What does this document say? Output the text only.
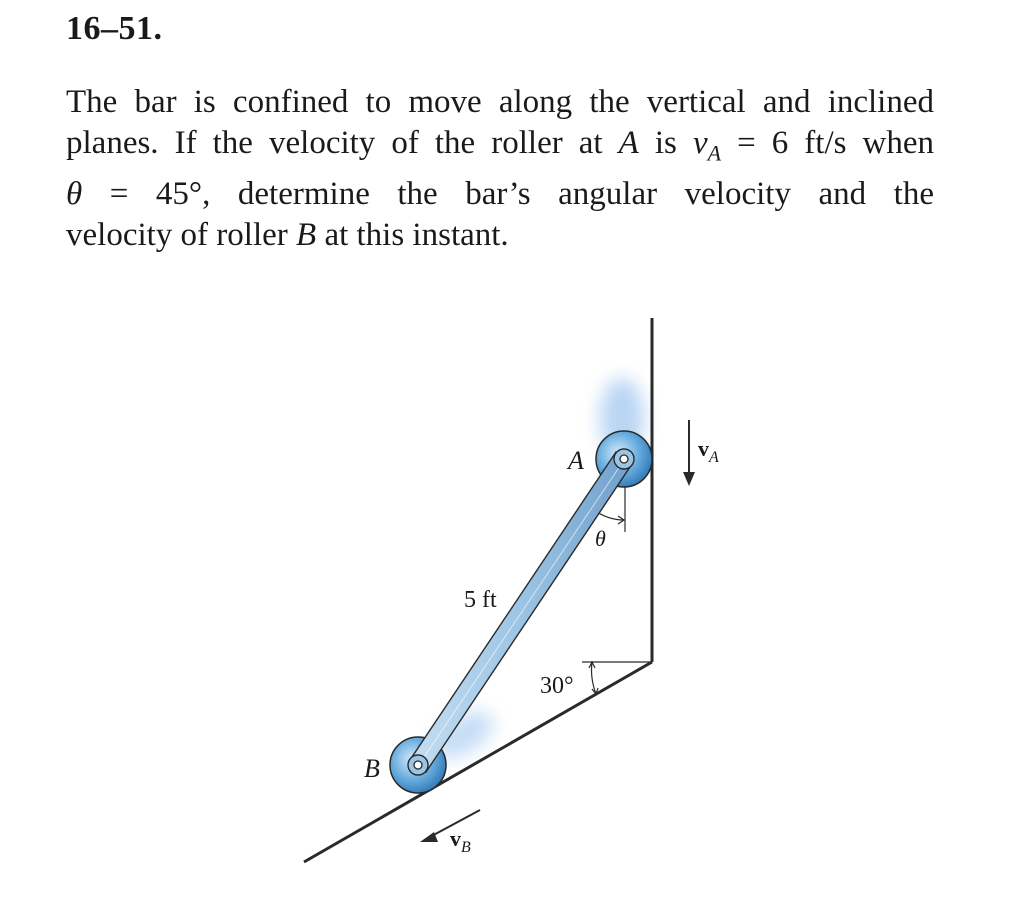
16–51.
The bar is confined to move along the vertical and inclined
planes. If the velocity of the roller at A is $v_A = 6$ ft/s when
θ = 45°, determine the bar’s angular velocity and the
velocity of roller B at this instant.
A
B
θ
5 ft
30°
$v_A$
$v_B$
